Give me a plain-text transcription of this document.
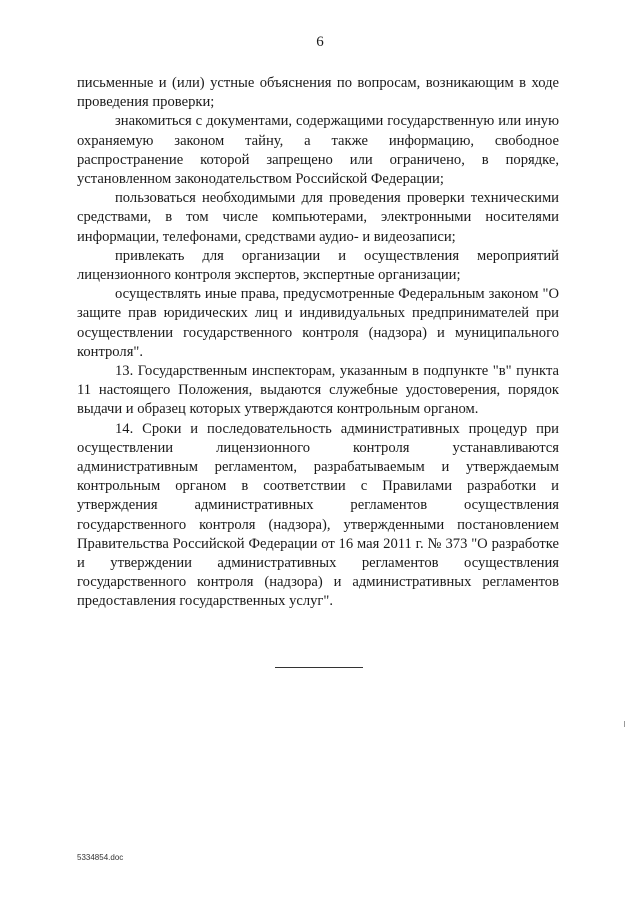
6

письменные и (или) устные объяснения по вопросам, возникающим в ходе проведения проверки;

знакомиться с документами, содержащими государственную или иную охраняемую законом тайну, а также информацию, свободное распространение которой запрещено или ограничено, в порядке, установленном законодательством Российской Федерации;

пользоваться необходимыми для проведения проверки техническими средствами, в том числе компьютерами, электронными носителями информации, телефонами, средствами аудио- и видеозаписи;

привлекать для организации и осуществления мероприятий лицензионного контроля экспертов, экспертные организации;

осуществлять иные права, предусмотренные Федеральным законом "О защите прав юридических лиц и индивидуальных предпринимателей при осуществлении государственного контроля (надзора) и муниципального контроля".

13. Государственным инспекторам, указанным в подпункте "в" пункта 11 настоящего Положения, выдаются служебные удостоверения, порядок выдачи и образец которых утверждаются контрольным органом.

14. Сроки и последовательность административных процедур при осуществлении лицензионного контроля устанавливаются административным регламентом, разрабатываемым и утверждаемым контрольным органом в соответствии с Правилами разработки и утверждения административных регламентов осуществления государственного контроля (надзора), утвержденными постановлением Правительства Российской Федерации от 16 мая 2011 г. № 373 "О разработке и утверждении административных регламентов осуществления государственного контроля (надзора) и административных регламентов предоставления государственных услуг".

5334854.doc
